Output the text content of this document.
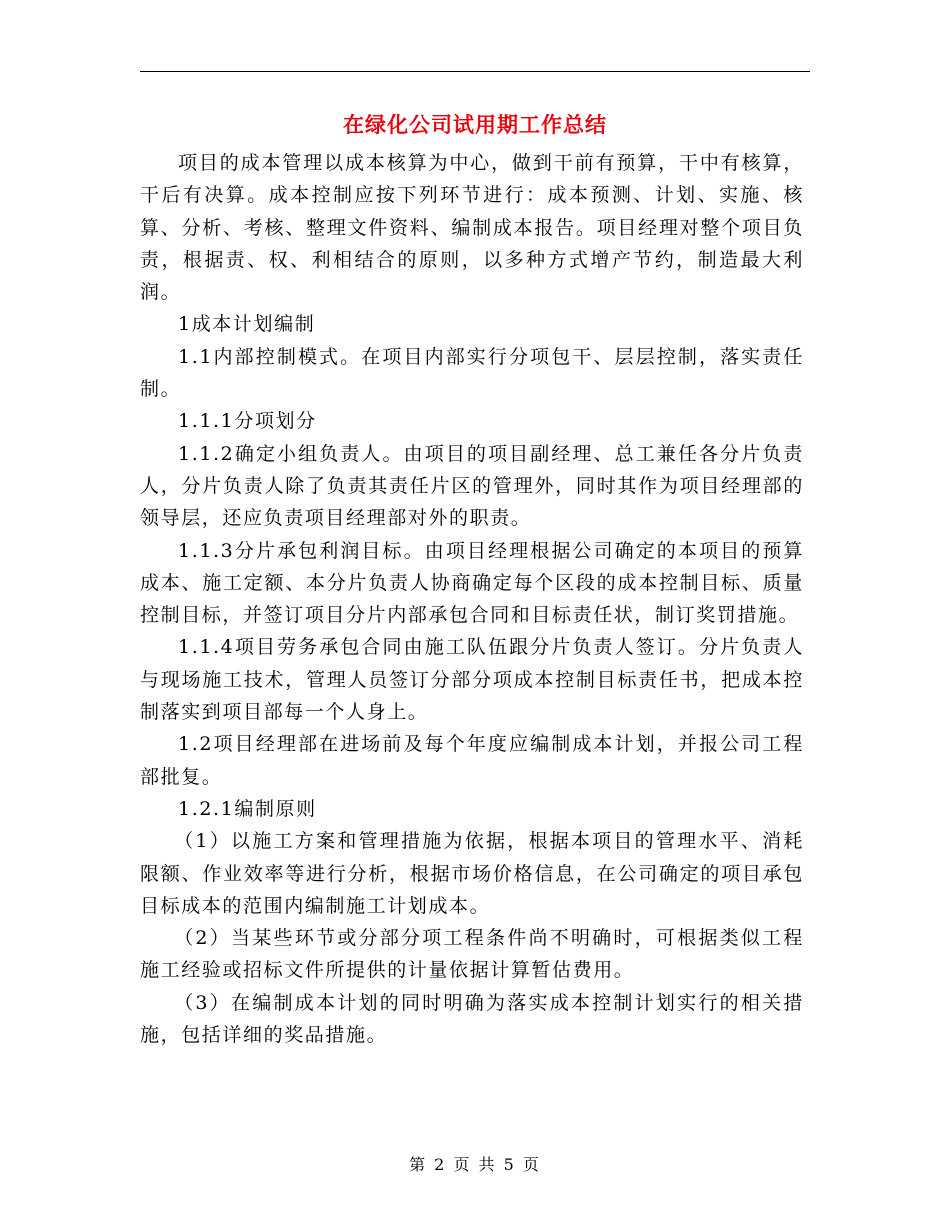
在绿化公司试用期工作总结

项目的成本管理以成本核算为中心，做到干前有预算，干中有核算，干后有决算。成本控制应按下列环节进行：成本预测、计划、实施、核算、分析、考核、整理文件资料、编制成本报告。项目经理对整个项目负责，根据责、权、利相结合的原则，以多种方式增产节约，制造最大利润。

1成本计划编制

1.1内部控制模式。在项目内部实行分项包干、层层控制，落实责任制。

1.1.1分项划分

1.1.2确定小组负责人。由项目的项目副经理、总工兼任各分片负责人，分片负责人除了负责其责任片区的管理外，同时其作为项目经理部的领导层，还应负责项目经理部对外的职责。

1.1.3分片承包利润目标。由项目经理根据公司确定的本项目的预算成本、施工定额、本分片负责人协商确定每个区段的成本控制目标、质量控制目标，并签订项目分片内部承包合同和目标责任状，制订奖罚措施。

1.1.4项目劳务承包合同由施工队伍跟分片负责人签订。分片负责人与现场施工技术，管理人员签订分部分项成本控制目标责任书，把成本控制落实到项目部每一个人身上。

1.2项目经理部在进场前及每个年度应编制成本计划，并报公司工程部批复。

1.2.1编制原则

（1）以施工方案和管理措施为依据，根据本项目的管理水平、消耗限额、作业效率等进行分析，根据市场价格信息，在公司确定的项目承包目标成本的范围内编制施工计划成本。

（2）当某些环节或分部分项工程条件尚不明确时，可根据类似工程施工经验或招标文件所提供的计量依据计算暂估费用。

（3）在编制成本计划的同时明确为落实成本控制计划实行的相关措施，包括详细的奖品措施。

第 2 页 共 5 页
